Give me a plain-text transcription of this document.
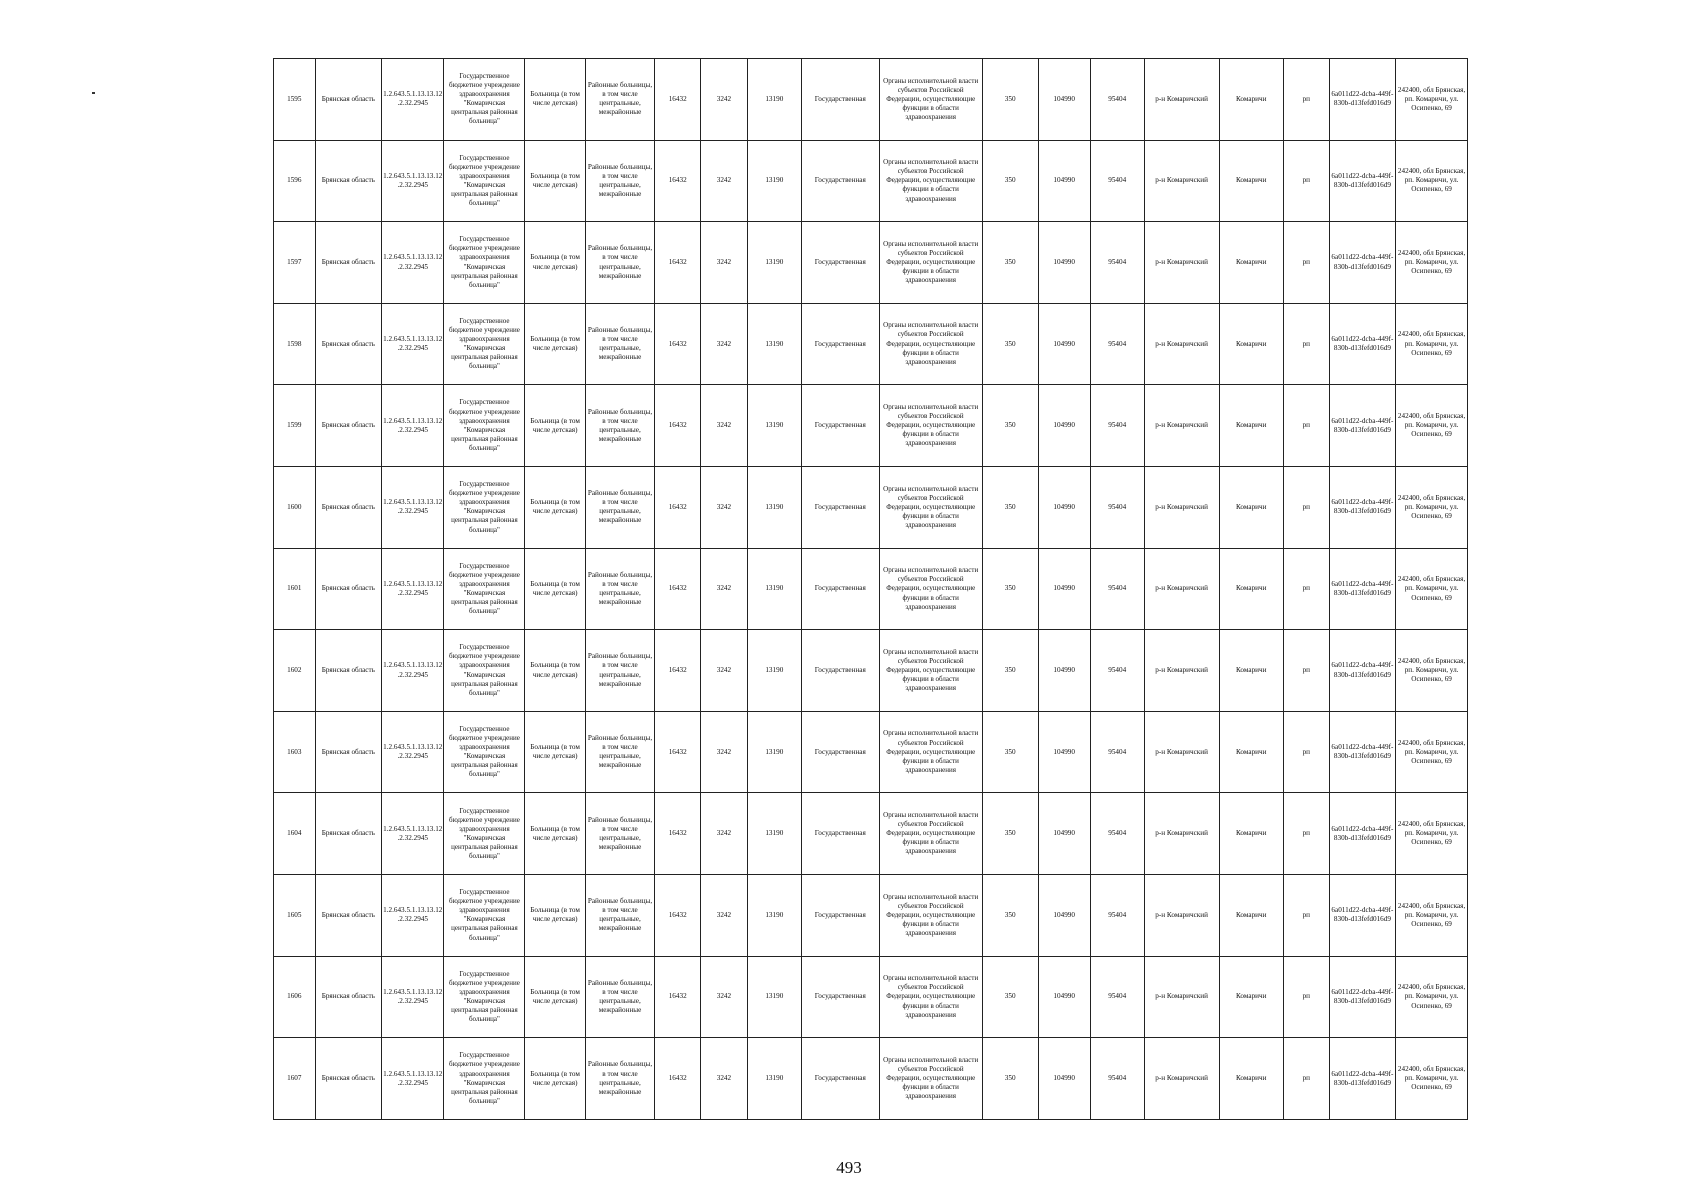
1595	Брянская область	1.2.643.5.1.13.13.12.2.32.2945	Государственное бюджетное учреждение здравоохранения "Комаричская центральная районная больница"	Больница (в том числе детская)	Районные больницы, в том числе центральные, межрайонные	16432	3242	13190	Государственная	Органы исполнительной власти субъектов Российской Федерации, осуществляющие функции в области здравоохранения	350	104990	95404	р-н Комаричский	Комаричи	рп	6a011d22-dcba-449f-830b-d13fefd016d9	242400, обл Брянская, рп. Комаричи, ул. Осипенко, 69
1596	Брянская область	1.2.643.5.1.13.13.12.2.32.2945	Государственное бюджетное учреждение здравоохранения "Комаричская центральная районная больница"	Больница (в том числе детская)	Районные больницы, в том числе центральные, межрайонные	16432	3242	13190	Государственная	Органы исполнительной власти субъектов Российской Федерации, осуществляющие функции в области здравоохранения	350	104990	95404	р-н Комаричский	Комаричи	рп	6a011d22-dcba-449f-830b-d13fefd016d9	242400, обл Брянская, рп. Комаричи, ул. Осипенко, 69
1597	Брянская область	1.2.643.5.1.13.13.12.2.32.2945	Государственное бюджетное учреждение здравоохранения "Комаричская центральная районная больница"	Больница (в том числе детская)	Районные больницы, в том числе центральные, межрайонные	16432	3242	13190	Государственная	Органы исполнительной власти субъектов Российской Федерации, осуществляющие функции в области здравоохранения	350	104990	95404	р-н Комаричский	Комаричи	рп	6a011d22-dcba-449f-830b-d13fefd016d9	242400, обл Брянская, рп. Комаричи, ул. Осипенко, 69
1598	Брянская область	1.2.643.5.1.13.13.12.2.32.2945	Государственное бюджетное учреждение здравоохранения "Комаричская центральная районная больница"	Больница (в том числе детская)	Районные больницы, в том числе центральные, межрайонные	16432	3242	13190	Государственная	Органы исполнительной власти субъектов Российской Федерации, осуществляющие функции в области здравоохранения	350	104990	95404	р-н Комаричский	Комаричи	рп	6a011d22-dcba-449f-830b-d13fefd016d9	242400, обл Брянская, рп. Комаричи, ул. Осипенко, 69
1599	Брянская область	1.2.643.5.1.13.13.12.2.32.2945	Государственное бюджетное учреждение здравоохранения "Комаричская центральная районная больница"	Больница (в том числе детская)	Районные больницы, в том числе центральные, межрайонные	16432	3242	13190	Государственная	Органы исполнительной власти субъектов Российской Федерации, осуществляющие функции в области здравоохранения	350	104990	95404	р-н Комаричский	Комаричи	рп	6a011d22-dcba-449f-830b-d13fefd016d9	242400, обл Брянская, рп. Комаричи, ул. Осипенко, 69
1600	Брянская область	1.2.643.5.1.13.13.12.2.32.2945	Государственное бюджетное учреждение здравоохранения "Комаричская центральная районная больница"	Больница (в том числе детская)	Районные больницы, в том числе центральные, межрайонные	16432	3242	13190	Государственная	Органы исполнительной власти субъектов Российской Федерации, осуществляющие функции в области здравоохранения	350	104990	95404	р-н Комаричский	Комаричи	рп	6a011d22-dcba-449f-830b-d13fefd016d9	242400, обл Брянская, рп. Комаричи, ул. Осипенко, 69
1601	Брянская область	1.2.643.5.1.13.13.12.2.32.2945	Государственное бюджетное учреждение здравоохранения "Комаричская центральная районная больница"	Больница (в том числе детская)	Районные больницы, в том числе центральные, межрайонные	16432	3242	13190	Государственная	Органы исполнительной власти субъектов Российской Федерации, осуществляющие функции в области здравоохранения	350	104990	95404	р-н Комаричский	Комаричи	рп	6a011d22-dcba-449f-830b-d13fefd016d9	242400, обл Брянская, рп. Комаричи, ул. Осипенко, 69
1602	Брянская область	1.2.643.5.1.13.13.12.2.32.2945	Государственное бюджетное учреждение здравоохранения "Комаричская центральная районная больница"	Больница (в том числе детская)	Районные больницы, в том числе центральные, межрайонные	16432	3242	13190	Государственная	Органы исполнительной власти субъектов Российской Федерации, осуществляющие функции в области здравоохранения	350	104990	95404	р-н Комаричский	Комаричи	рп	6a011d22-dcba-449f-830b-d13fefd016d9	242400, обл Брянская, рп. Комаричи, ул. Осипенко, 69
1603	Брянская область	1.2.643.5.1.13.13.12.2.32.2945	Государственное бюджетное учреждение здравоохранения "Комаричская центральная районная больница"	Больница (в том числе детская)	Районные больницы, в том числе центральные, межрайонные	16432	3242	13190	Государственная	Органы исполнительной власти субъектов Российской Федерации, осуществляющие функции в области здравоохранения	350	104990	95404	р-н Комаричский	Комаричи	рп	6a011d22-dcba-449f-830b-d13fefd016d9	242400, обл Брянская, рп. Комаричи, ул. Осипенко, 69
1604	Брянская область	1.2.643.5.1.13.13.12.2.32.2945	Государственное бюджетное учреждение здравоохранения "Комаричская центральная районная больница"	Больница (в том числе детская)	Районные больницы, в том числе центральные, межрайонные	16432	3242	13190	Государственная	Органы исполнительной власти субъектов Российской Федерации, осуществляющие функции в области здравоохранения	350	104990	95404	р-н Комаричский	Комаричи	рп	6a011d22-dcba-449f-830b-d13fefd016d9	242400, обл Брянская, рп. Комаричи, ул. Осипенко, 69
1605	Брянская область	1.2.643.5.1.13.13.12.2.32.2945	Государственное бюджетное учреждение здравоохранения "Комаричская центральная районная больница"	Больница (в том числе детская)	Районные больницы, в том числе центральные, межрайонные	16432	3242	13190	Государственная	Органы исполнительной власти субъектов Российской Федерации, осуществляющие функции в области здравоохранения	350	104990	95404	р-н Комаричский	Комаричи	рп	6a011d22-dcba-449f-830b-d13fefd016d9	242400, обл Брянская, рп. Комаричи, ул. Осипенко, 69
1606	Брянская область	1.2.643.5.1.13.13.12.2.32.2945	Государственное бюджетное учреждение здравоохранения "Комаричская центральная районная больница"	Больница (в том числе детская)	Районные больницы, в том числе центральные, межрайонные	16432	3242	13190	Государственная	Органы исполнительной власти субъектов Российской Федерации, осуществляющие функции в области здравоохранения	350	104990	95404	р-н Комаричский	Комаричи	рп	6a011d22-dcba-449f-830b-d13fefd016d9	242400, обл Брянская, рп. Комаричи, ул. Осипенко, 69
1607	Брянская область	1.2.643.5.1.13.13.12.2.32.2945	Государственное бюджетное учреждение здравоохранения "Комаричская центральная районная больница"	Больница (в том числе детская)	Районные больницы, в том числе центральные, межрайонные	16432	3242	13190	Государственная	Органы исполнительной власти субъектов Российской Федерации, осуществляющие функции в области здравоохранения	350	104990	95404	р-н Комаричский	Комаричи	рп	6a011d22-dcba-449f-830b-d13fefd016d9	242400, обл Брянская, рп. Комаричи, ул. Осипенко, 69
493
